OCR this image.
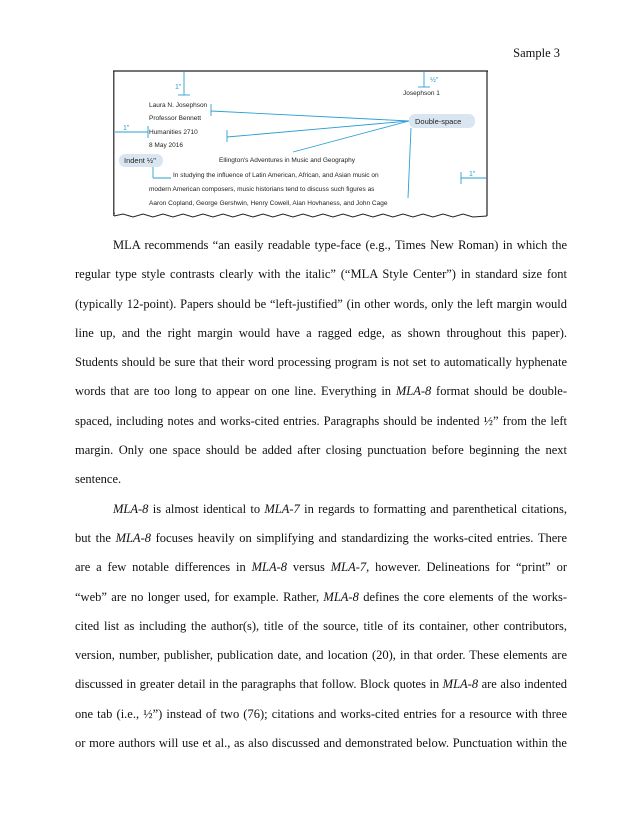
Sample 3
1"
½"
1"
1"
Josephson 1
Laura N. Josephson
Professor Bennett
Humanities 2710
8 May 2016
Double-space
Indent ½"	Ellington's Adventures in Music and Geography
In studying the influence of Latin American, African, and Asian music on
modern American composers, music historians tend to discuss such figures as
Aaron Copland, George Gershwin, Henry Cowell, Alan Hovhaness, and John Cage
.
MLA recommends “an easily readable type-face (e.g., Times New Roman) in which the
regular type style contrasts clearly with the italic” (“MLA Style Center”) in standard size font
(typically 12-point). Papers should be “left-justified” (in other words, only the left margin would
line up, and the right margin would have a ragged edge, as shown throughout this paper).
Students should be sure that their word processing program is not set to automatically hyphenate
words that are too long to appear on one line. Everything in MLA-8 format should be double-
spaced, including notes and works-cited entries. Paragraphs should be indented ½” from the left
margin. Only one space should be added after closing punctuation before beginning the next
sentence.
MLA-8 is almost identical to MLA-7 in regards to formatting and parenthetical citations,
but the MLA-8 focuses heavily on simplifying and standardizing the works-cited entries. There
are a few notable differences in MLA-8 versus MLA-7, however. Delineations for “print” or
“web” are no longer used, for example. Rather, MLA-8 defines the core elements of the works-
cited list as including the author(s), title of the source, title of its container, other contributors,
version, number, publisher, publication date, and location (20), in that order. These elements are
discussed in greater detail in the paragraphs that follow. Block quotes in MLA-8 are also indented
one tab (i.e., ½”) instead of two (76); citations and works-cited entries for a resource with three
or more authors will use et al., as also discussed and demonstrated below. Punctuation within the
